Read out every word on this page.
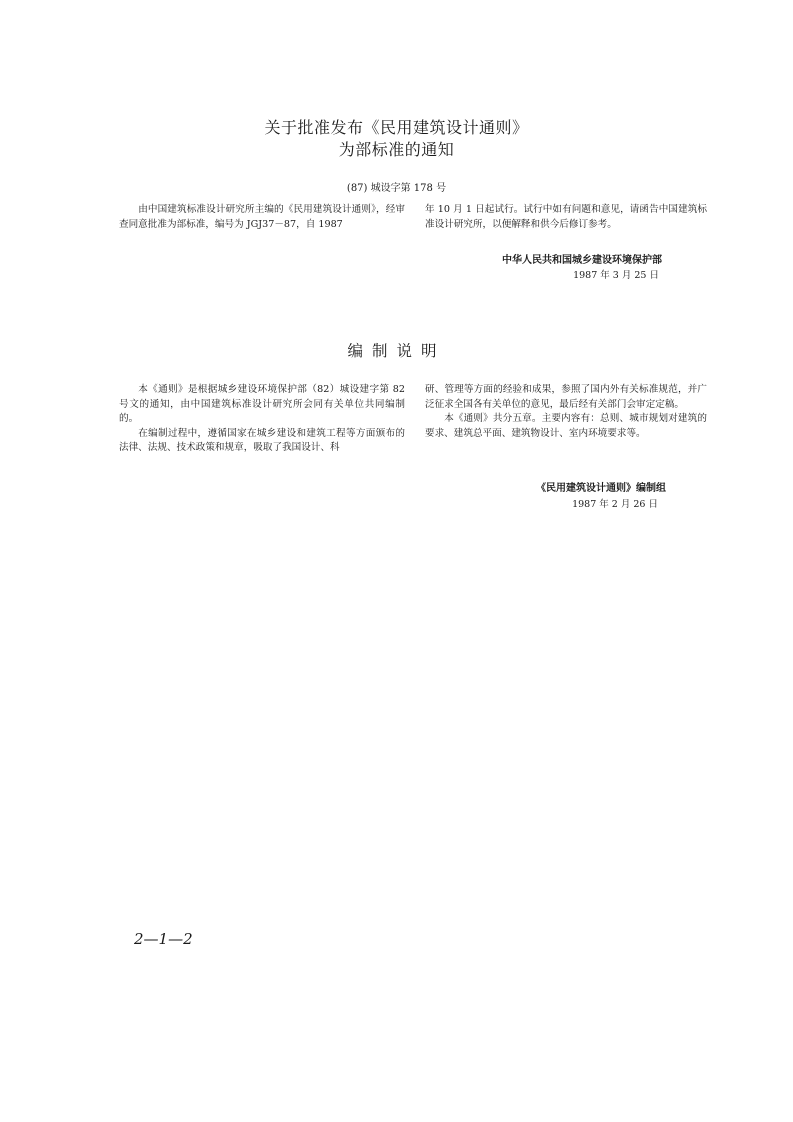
关于批准发布《民用建筑设计通则》
为部标准的通知
(87) 城设字第 178 号

由中国建筑标准设计研究所主编的《民用建筑设计通则》，经审查同意批准为部标准，编号为 JGJ37－87，自 1987

年 10 月 1 日起试行。试行中如有问题和意见，请函告中国建筑标准设计研究所，以便解释和供今后修订参考。

中华人民共和国城乡建设环境保护部
1987 年 3 月 25 日
编制说明

本《通则》是根据城乡建设环境保护部（82）城设建字第 82 号文的通知，由中国建筑标准设计研究所会同有关单位共同编制的。

在编制过程中，遵循国家在城乡建设和建筑工程等方面颁布的法律、法规、技术政策和规章，吸取了我国设计、科

研、管理等方面的经验和成果，参照了国内外有关标准规范，并广泛征求全国各有关单位的意见，最后经有关部门会审定定稿。

本《通则》共分五章。主要内容有：总则、城市规划对建筑的要求、建筑总平面、建筑物设计、室内环境要求等。

《民用建筑设计通则》编制组
1987 年 2 月 26 日
2—1—2
